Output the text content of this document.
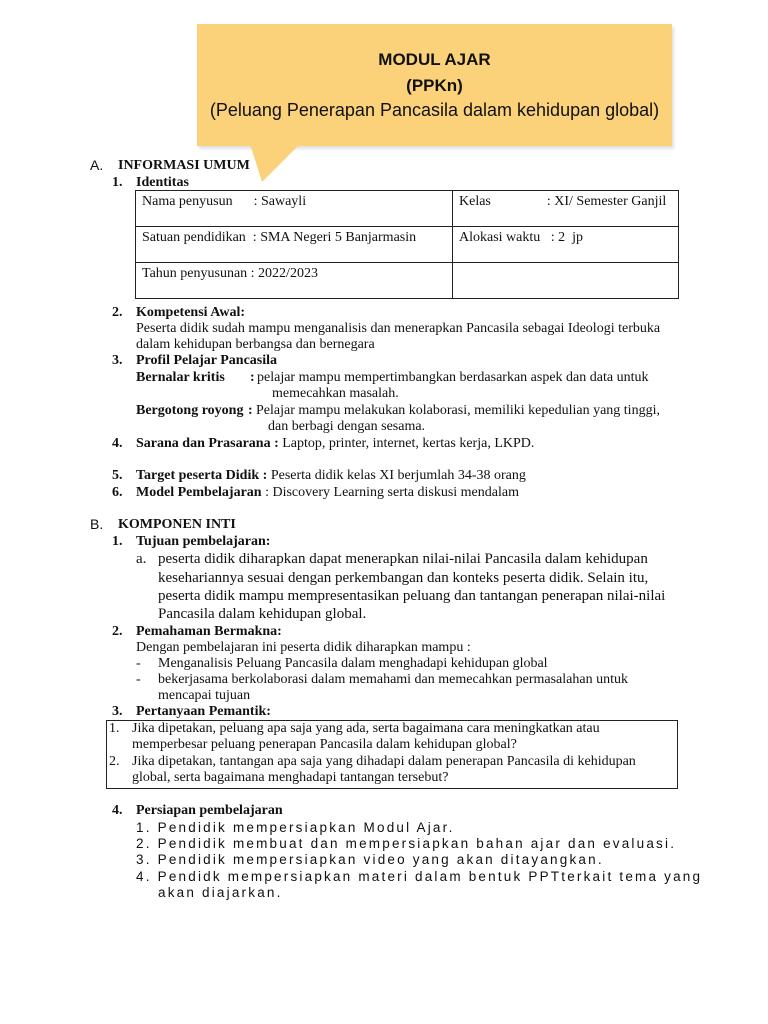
MODUL AJAR
(PPKn)
(Peluang Penerapan Pancasila dalam kehidupan global)
A. INFORMASI UMUM
1. Identitas
Nama penyusun      : Sawayli	Kelas                : XI/ Semester Ganjil
Satuan pendidikan  : SMA Negeri 5 Banjarmasin	Alokasi waktu   : 2  jp
Tahun penyusunan : 2022/2023	
2. Kompetensi Awal:
Peserta didik sudah mampu menganalisis dan menerapkan Pancasila sebagai Ideologi terbuka
dalam kehidupan berbangsa dan bernegara
3. Profil Pelajar Pancasila
Bernalar kritis : pelajar mampu mempertimbangkan berdasarkan aspek dan data untuk
memecahkan masalah.
Bergotong royong : Pelajar mampu melakukan kolaborasi, memiliki kepedulian yang tinggi,
dan berbagi dengan sesama.
4. Sarana dan Prasarana : Laptop, printer, internet, kertas kerja, LKPD.
5. Target peserta Didik : Peserta didik kelas XI berjumlah 34-38 orang
6. Model Pembelajaran : Discovery Learning serta diskusi mendalam
B. KOMPONEN INTI
1. Tujuan pembelajaran:
a. peserta didik diharapkan dapat menerapkan nilai-nilai Pancasila dalam kehidupan
kesehariannya sesuai dengan perkembangan dan konteks peserta didik. Selain itu,
peserta didik mampu mempresentasikan peluang dan tantangan penerapan nilai-nilai
Pancasila dalam kehidupan global.
2. Pemahaman Bermakna:
Dengan pembelajaran ini peserta didik diharapkan mampu :
- Menganalisis Peluang Pancasila dalam menghadapi kehidupan global
- bekerjasama berkolaborasi dalam memahami dan memecahkan permasalahan untuk
mencapai tujuan
3. Pertanyaan Pemantik:
1. Jika dipetakan, peluang apa saja yang ada, serta bagaimana cara meningkatkan atau
memperbesar peluang penerapan Pancasila dalam kehidupan global?
2. Jika dipetakan, tantangan apa saja yang dihadapi dalam penerapan Pancasila di kehidupan
global, serta bagaimana menghadapi tantangan tersebut?
4. Persiapan pembelajaran
1. Pendidik mempersiapkan Modul Ajar.
2. Pendidik membuat dan mempersiapkan bahan ajar dan evaluasi.
3. Pendidik mempersiapkan video yang akan ditayangkan.
4. Pendidk mempersiapkan materi dalam bentuk PPTterkait tema yang
akan diajarkan.
